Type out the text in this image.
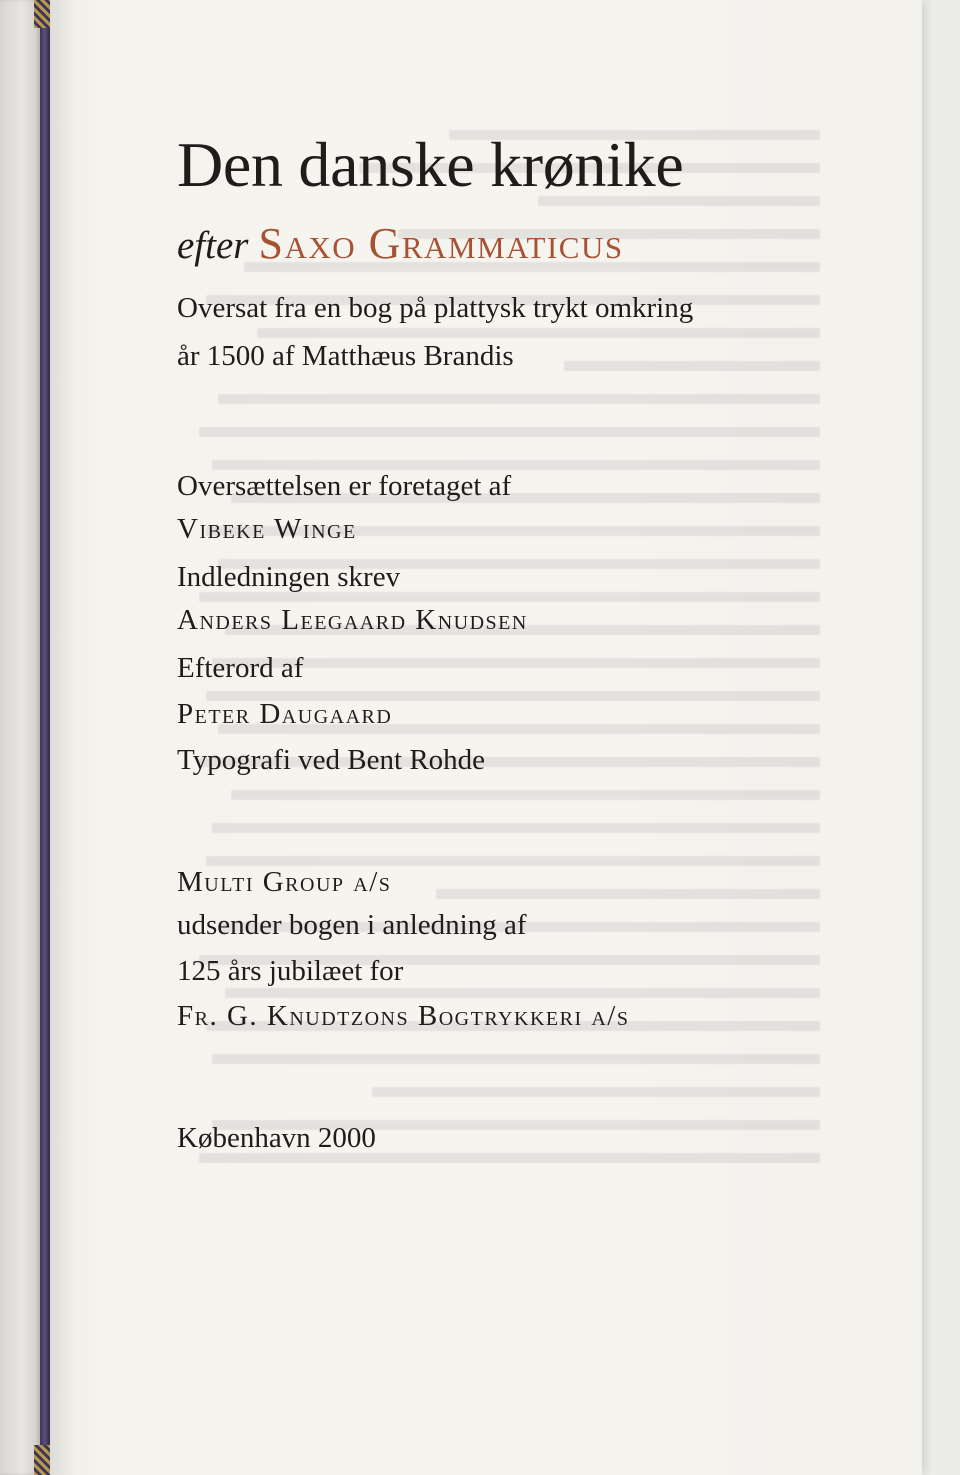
Den danske krønike
efter Saxo Grammaticus
Oversat fra en bog på plattysk trykt omkring
år 1500 af Matthæus Brandis
Oversættelsen er foretaget af
Vibeke Winge
Indledningen skrev
Anders Leegaard Knudsen
Efterord af
Peter Daugaard
Typografi ved Bent Rohde
Multi Group a/s
udsender bogen i anledning af
125 års jubilæet for
Fr. G. Knudtzons Bogtrykkeri a/s
København 2000
